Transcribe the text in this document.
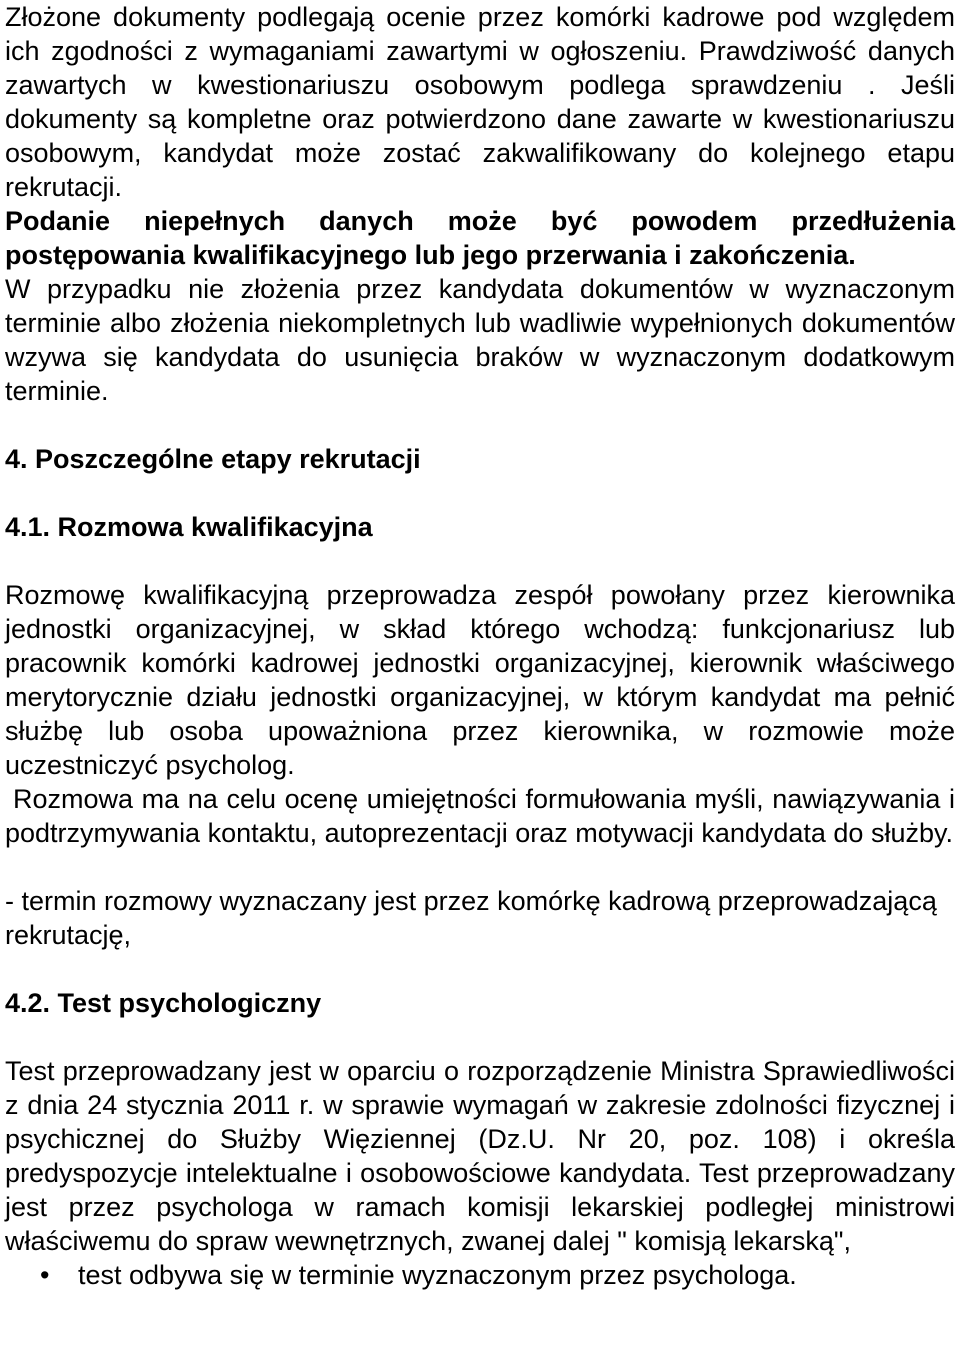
Złożone dokumenty podlegają ocenie przez komórki kadrowe pod względem ich zgodności z wymaganiami zawartymi w ogłoszeniu. Prawdziwość danych zawartych w kwestionariuszu osobowym podlega sprawdzeniu . Jeśli dokumenty są kompletne oraz potwierdzono dane zawarte w kwestionariuszu osobowym, kandydat może zostać zakwalifikowany do kolejnego etapu rekrutacji.

Podanie niepełnych danych może być powodem przedłużenia postępowania kwalifikacyjnego lub jego przerwania i zakończenia.

W przypadku nie złożenia przez kandydata dokumentów w wyznaczonym terminie albo złożenia niekompletnych lub wadliwie wypełnionych dokumentów wzywa się kandydata do usunięcia braków w wyznaczonym dodatkowym terminie.

4. Poszczególne etapy rekrutacji

4.1. Rozmowa kwalifikacyjna

Rozmowę kwalifikacyjną przeprowadza zespół powołany przez kierownika jednostki organizacyjnej, w skład którego wchodzą: funkcjonariusz lub pracownik komórki kadrowej jednostki organizacyjnej, kierownik właściwego merytorycznie działu jednostki organizacyjnej, w którym kandydat ma pełnić służbę lub osoba upoważniona przez kierownika, w rozmowie może uczestniczyć psycholog.

Rozmowa ma na celu ocenę umiejętności formułowania myśli, nawiązywania i podtrzymywania kontaktu, autoprezentacji oraz motywacji kandydata do służby.

- termin rozmowy wyznaczany jest przez komórkę kadrową przeprowadzającą rekrutację,

4.2. Test psychologiczny

Test przeprowadzany jest w oparciu o rozporządzenie Ministra Sprawiedliwości z dnia 24 stycznia 2011 r. w sprawie wymagań w zakresie zdolności fizycznej i psychicznej do Służby Więziennej (Dz.U. Nr 20, poz. 108) i określa predyspozycje intelektualne i osobowościowe kandydata. Test przeprowadzany jest przez psychologa w ramach komisji lekarskiej podległej ministrowi właściwemu do spraw wewnętrznych, zwanej dalej " komisją lekarską",

• test odbywa się w terminie wyznaczonym przez psychologa.
